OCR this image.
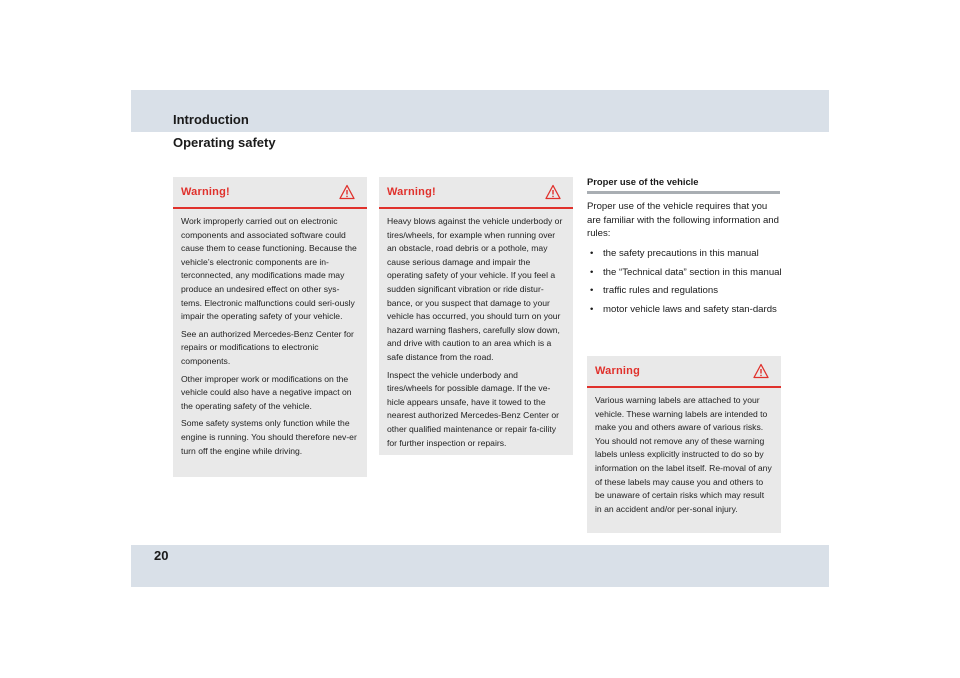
Introduction
Operating safety
Warning!

Work improperly carried out on electronic components and associated software could cause them to cease functioning. Because the vehicle’s electronic components are in-terconnected, any modifications made may produce an undesired effect on other sys-tems. Electronic malfunctions could seri-ously impair the operating safety of your vehicle.

See an authorized Mercedes-Benz Center for repairs or modifications to electronic components.

Other improper work or modifications on the vehicle could also have a negative impact on the operating safety of the vehicle.

Some safety systems only function while the engine is running. You should therefore nev-er turn off the engine while driving.

Warning!

Heavy blows against the vehicle underbody or tires/wheels, for example when running over an obstacle, road debris or a pothole, may cause serious damage and impair the operating safety of your vehicle. If you feel a sudden significant vibration or ride distur-bance, or you suspect that damage to your vehicle has occurred, you should turn on your hazard warning flashers, carefully slow down, and drive with caution to an area which is a safe distance from the road.

Inspect the vehicle underbody and tires/wheels for possible damage. If the ve-hicle appears unsafe, have it towed to the nearest authorized Mercedes-Benz Center or other qualified maintenance or repair fa-cility for further inspection or repairs.

Proper use of the vehicle

Proper use of the vehicle requires that you are familiar with the following information and rules:

• the safety precautions in this manual
• the “Technical data” section in this manual
• traffic rules and regulations
• motor vehicle laws and safety stan-dards
Warning

Various warning labels are attached to your vehicle. These warning labels are intended to make you and others aware of various risks. You should not remove any of these warning labels unless explicitly instructed to do so by information on the label itself. Re-moval of any of these labels may cause you and others to be unaware of certain risks which may result in an accident and/or per-sonal injury.

20
